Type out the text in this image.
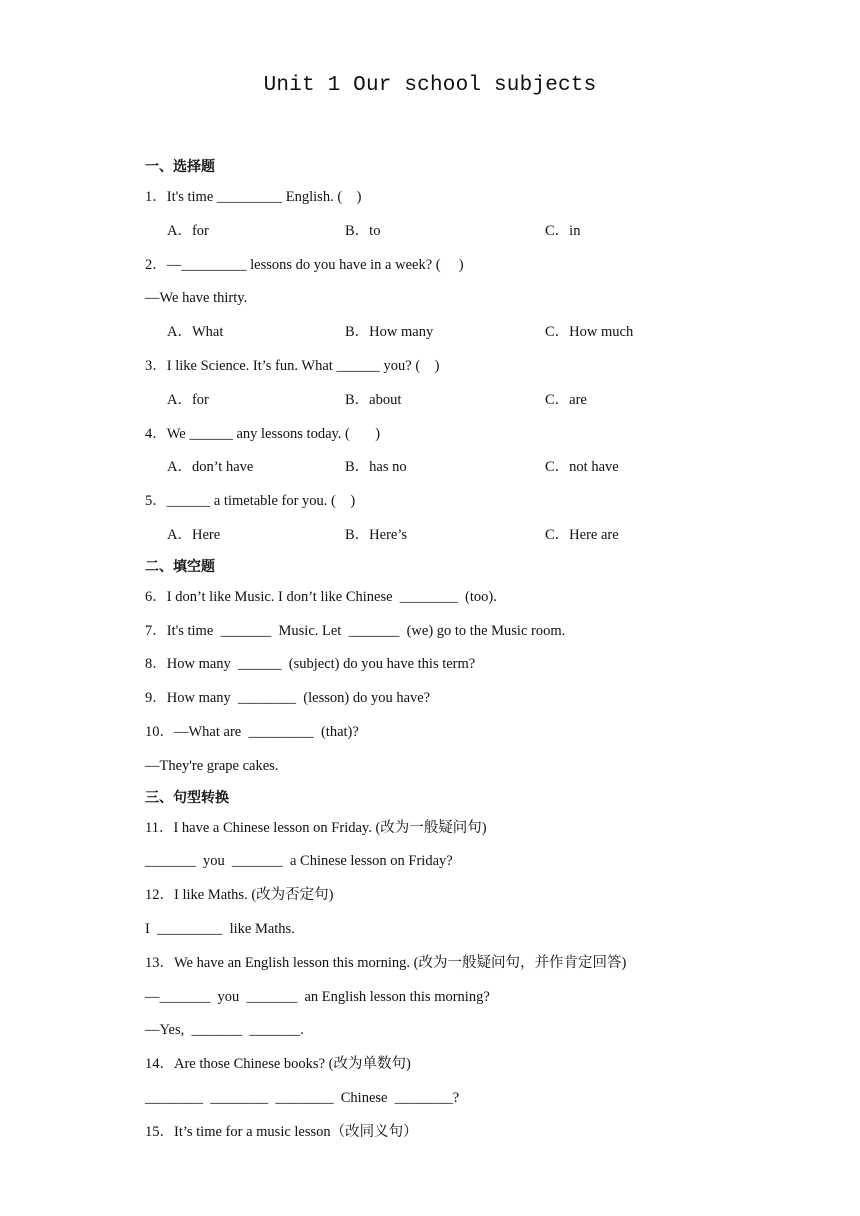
Unit 1 Our school subjects
一、选择题
1．It's time _________ English. (    )
A．for	B．to	C．in
2．—_________ lessons do you have in a week? (     )
—We have thirty.
A．What	B．How many	C．How much
3．I like Science. It’s fun. What ______ you? (    )
A．for	B．about	C．are
4．We ______ any lessons today. (       )
A．don’t have	B．has no	C．not have
5．______ a timetable for you. (    )
A．Here	B．Here’s	C．Here are
二、填空题
6．I don’t like Music. I don’t like Chinese  ________  (too).
7．It's time  _______  Music. Let  _______  (we) go to the Music room.
8．How many  ______  (subject) do you have this term?
9．How many  ________  (lesson) do you have?
10．—What are  _________  (that)?
—They're grape cakes.
三、句型转换
11．I have a Chinese lesson on Friday. (改为一般疑问句)
_______  you  _______  a Chinese lesson on Friday?
12．I like Maths. (改为否定句)
I  _________  like Maths.
13．We have an English lesson this morning. (改为一般疑问句，并作肯定回答)
—_______  you  _______  an English lesson this morning?
—Yes,  _______  _______.
14．Are those Chinese books? (改为单数句)
________  ________  ________  Chinese  ________?
15．It’s time for a music lesson（改同义句）
